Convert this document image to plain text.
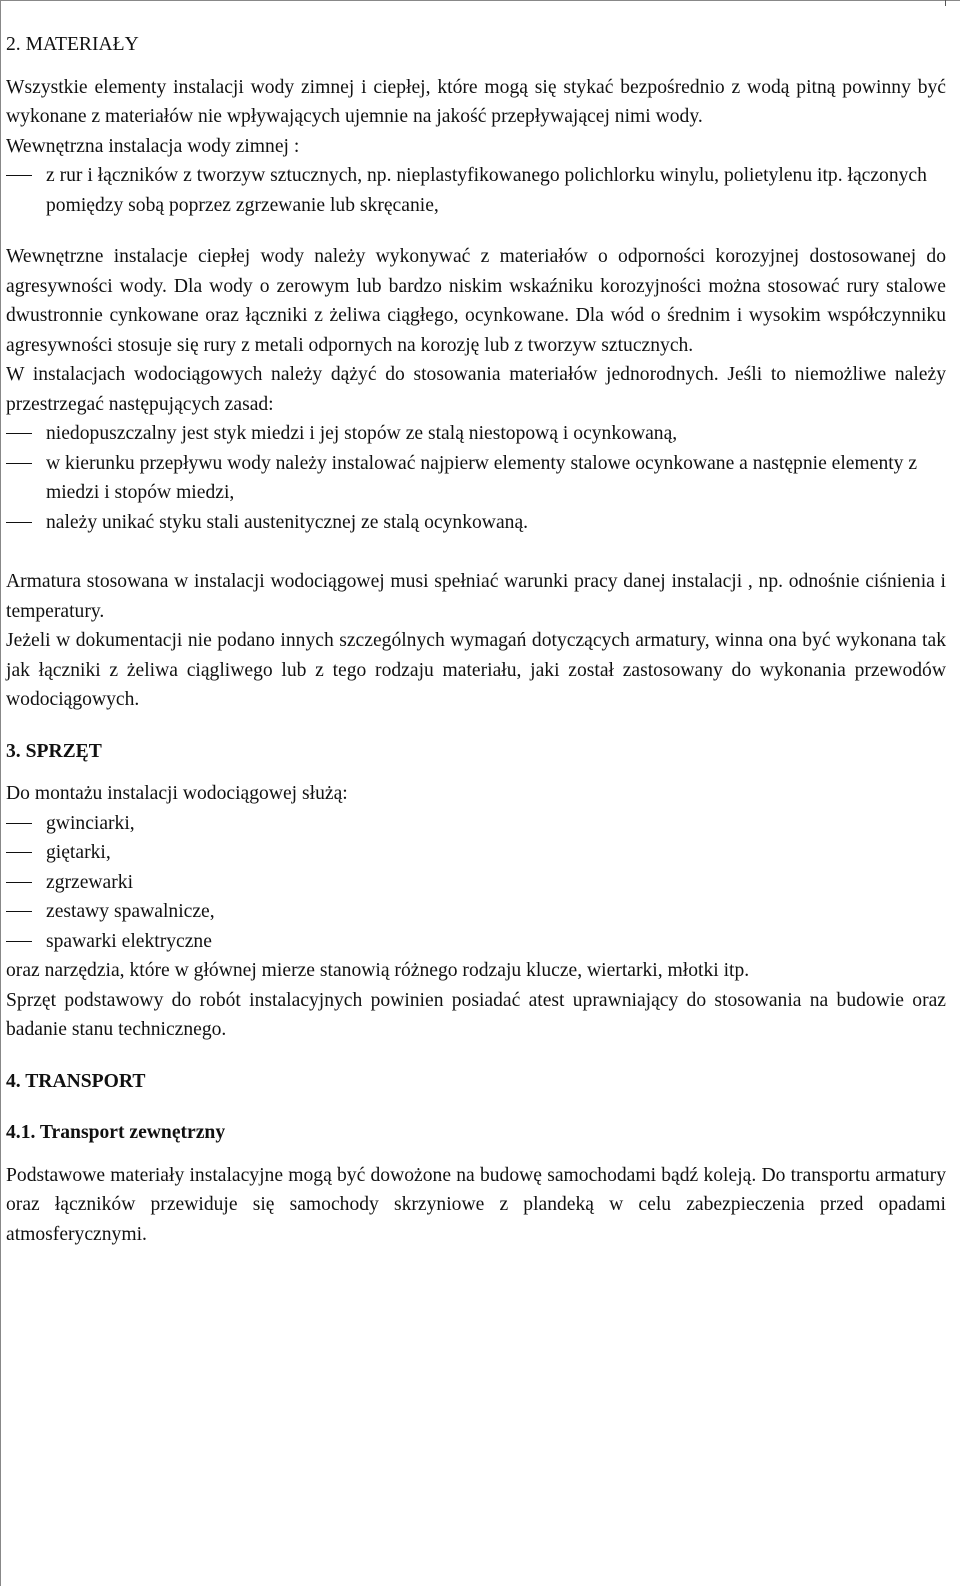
2. MATERIAŁY

Wszystkie elementy instalacji wody zimnej i ciepłej, które mogą się stykać bezpośrednio z wodą pitną powinny być wykonane z materiałów nie wpływających ujemnie na jakość przepływającej nimi wody.

Wewnętrzna instalacja wody zimnej :

z rur i łączników z tworzyw sztucznych, np. nieplastyfikowanego polichlorku winylu, polietylenu itp. łączonych pomiędzy sobą poprzez zgrzewanie lub skręcanie,

Wewnętrzne instalacje ciepłej wody należy wykonywać z materiałów o odporności korozyjnej dostosowanej do agresywności wody. Dla wody o zerowym lub bardzo niskim wskaźniku korozyjności można stosować rury stalowe dwustronnie cynkowane oraz łączniki z żeliwa ciągłego, ocynkowane. Dla wód o średnim i wysokim współczynniku agresywności stosuje się rury z metali odpornych na korozję lub z tworzyw sztucznych.

W instalacjach wodociągowych należy dążyć do stosowania materiałów jednorodnych. Jeśli to niemożliwe należy przestrzegać następujących zasad:

niedopuszczalny jest styk miedzi i jej stopów ze stalą niestopową i ocynkowaną,
w kierunku przepływu wody należy instalować najpierw elementy stalowe ocynkowane a następnie elementy z miedzi i stopów miedzi,
należy unikać styku stali austenitycznej ze stalą ocynkowaną.

Armatura stosowana w instalacji wodociągowej musi spełniać warunki pracy danej instalacji , np. odnośnie ciśnienia i temperatury.

Jeżeli w dokumentacji nie podano innych szczególnych wymagań dotyczących armatury, winna ona być wykonana tak jak łączniki z żeliwa ciągliwego lub z tego rodzaju materiału, jaki został zastosowany do wykonania przewodów wodociągowych.

3. SPRZĘT

Do montażu instalacji wodociągowej służą:

gwinciarki,
giętarki,
zgrzewarki
zestawy spawalnicze,
spawarki elektryczne

oraz narzędzia, które w głównej mierze stanowią różnego rodzaju klucze, wiertarki, młotki itp.

Sprzęt podstawowy do robót instalacyjnych powinien posiadać atest uprawniający do stosowania na budowie oraz badanie stanu technicznego.

4. TRANSPORT
4.1. Transport zewnętrzny

Podstawowe materiały instalacyjne mogą być dowożone na budowę samochodami bądź koleją. Do transportu armatury oraz łączników przewiduje się samochody skrzyniowe z plandeką w celu zabezpieczenia przed opadami atmosferycznymi.
